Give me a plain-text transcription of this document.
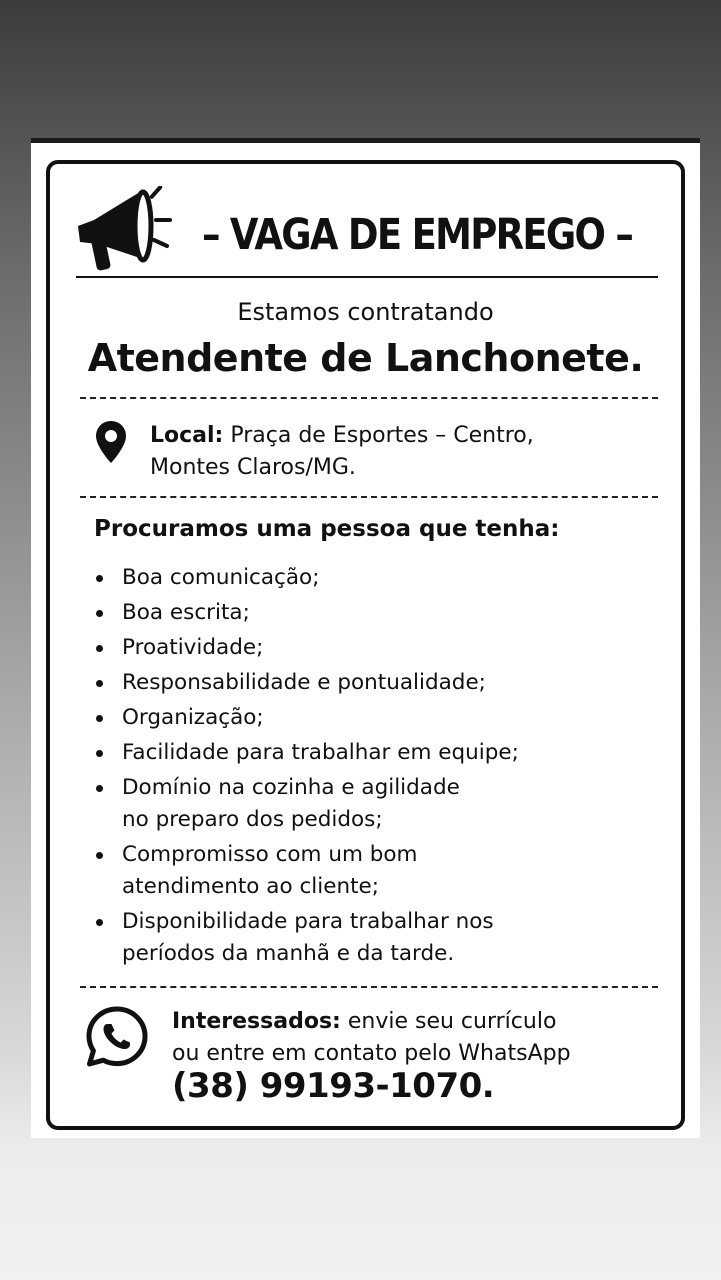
– VAGA DE EMPREGO –
Estamos contratando
Atendente de Lanchonete.
Local: Praça de Esportes – Centro,
Montes Claros/MG.
Procuramos uma pessoa que tenha:
Boa comunicação;
Boa escrita;
Proatividade;
Responsabilidade e pontualidade;
Organização;
Facilidade para trabalhar em equipe;
Domínio na cozinha e agilidade
no preparo dos pedidos;
Compromisso com um bom
atendimento ao cliente;
Disponibilidade para trabalhar nos
períodos da manhã e da tarde.
Interessados: envie seu currículo
ou entre em contato pelo WhatsApp
(38) 99193-1070.
